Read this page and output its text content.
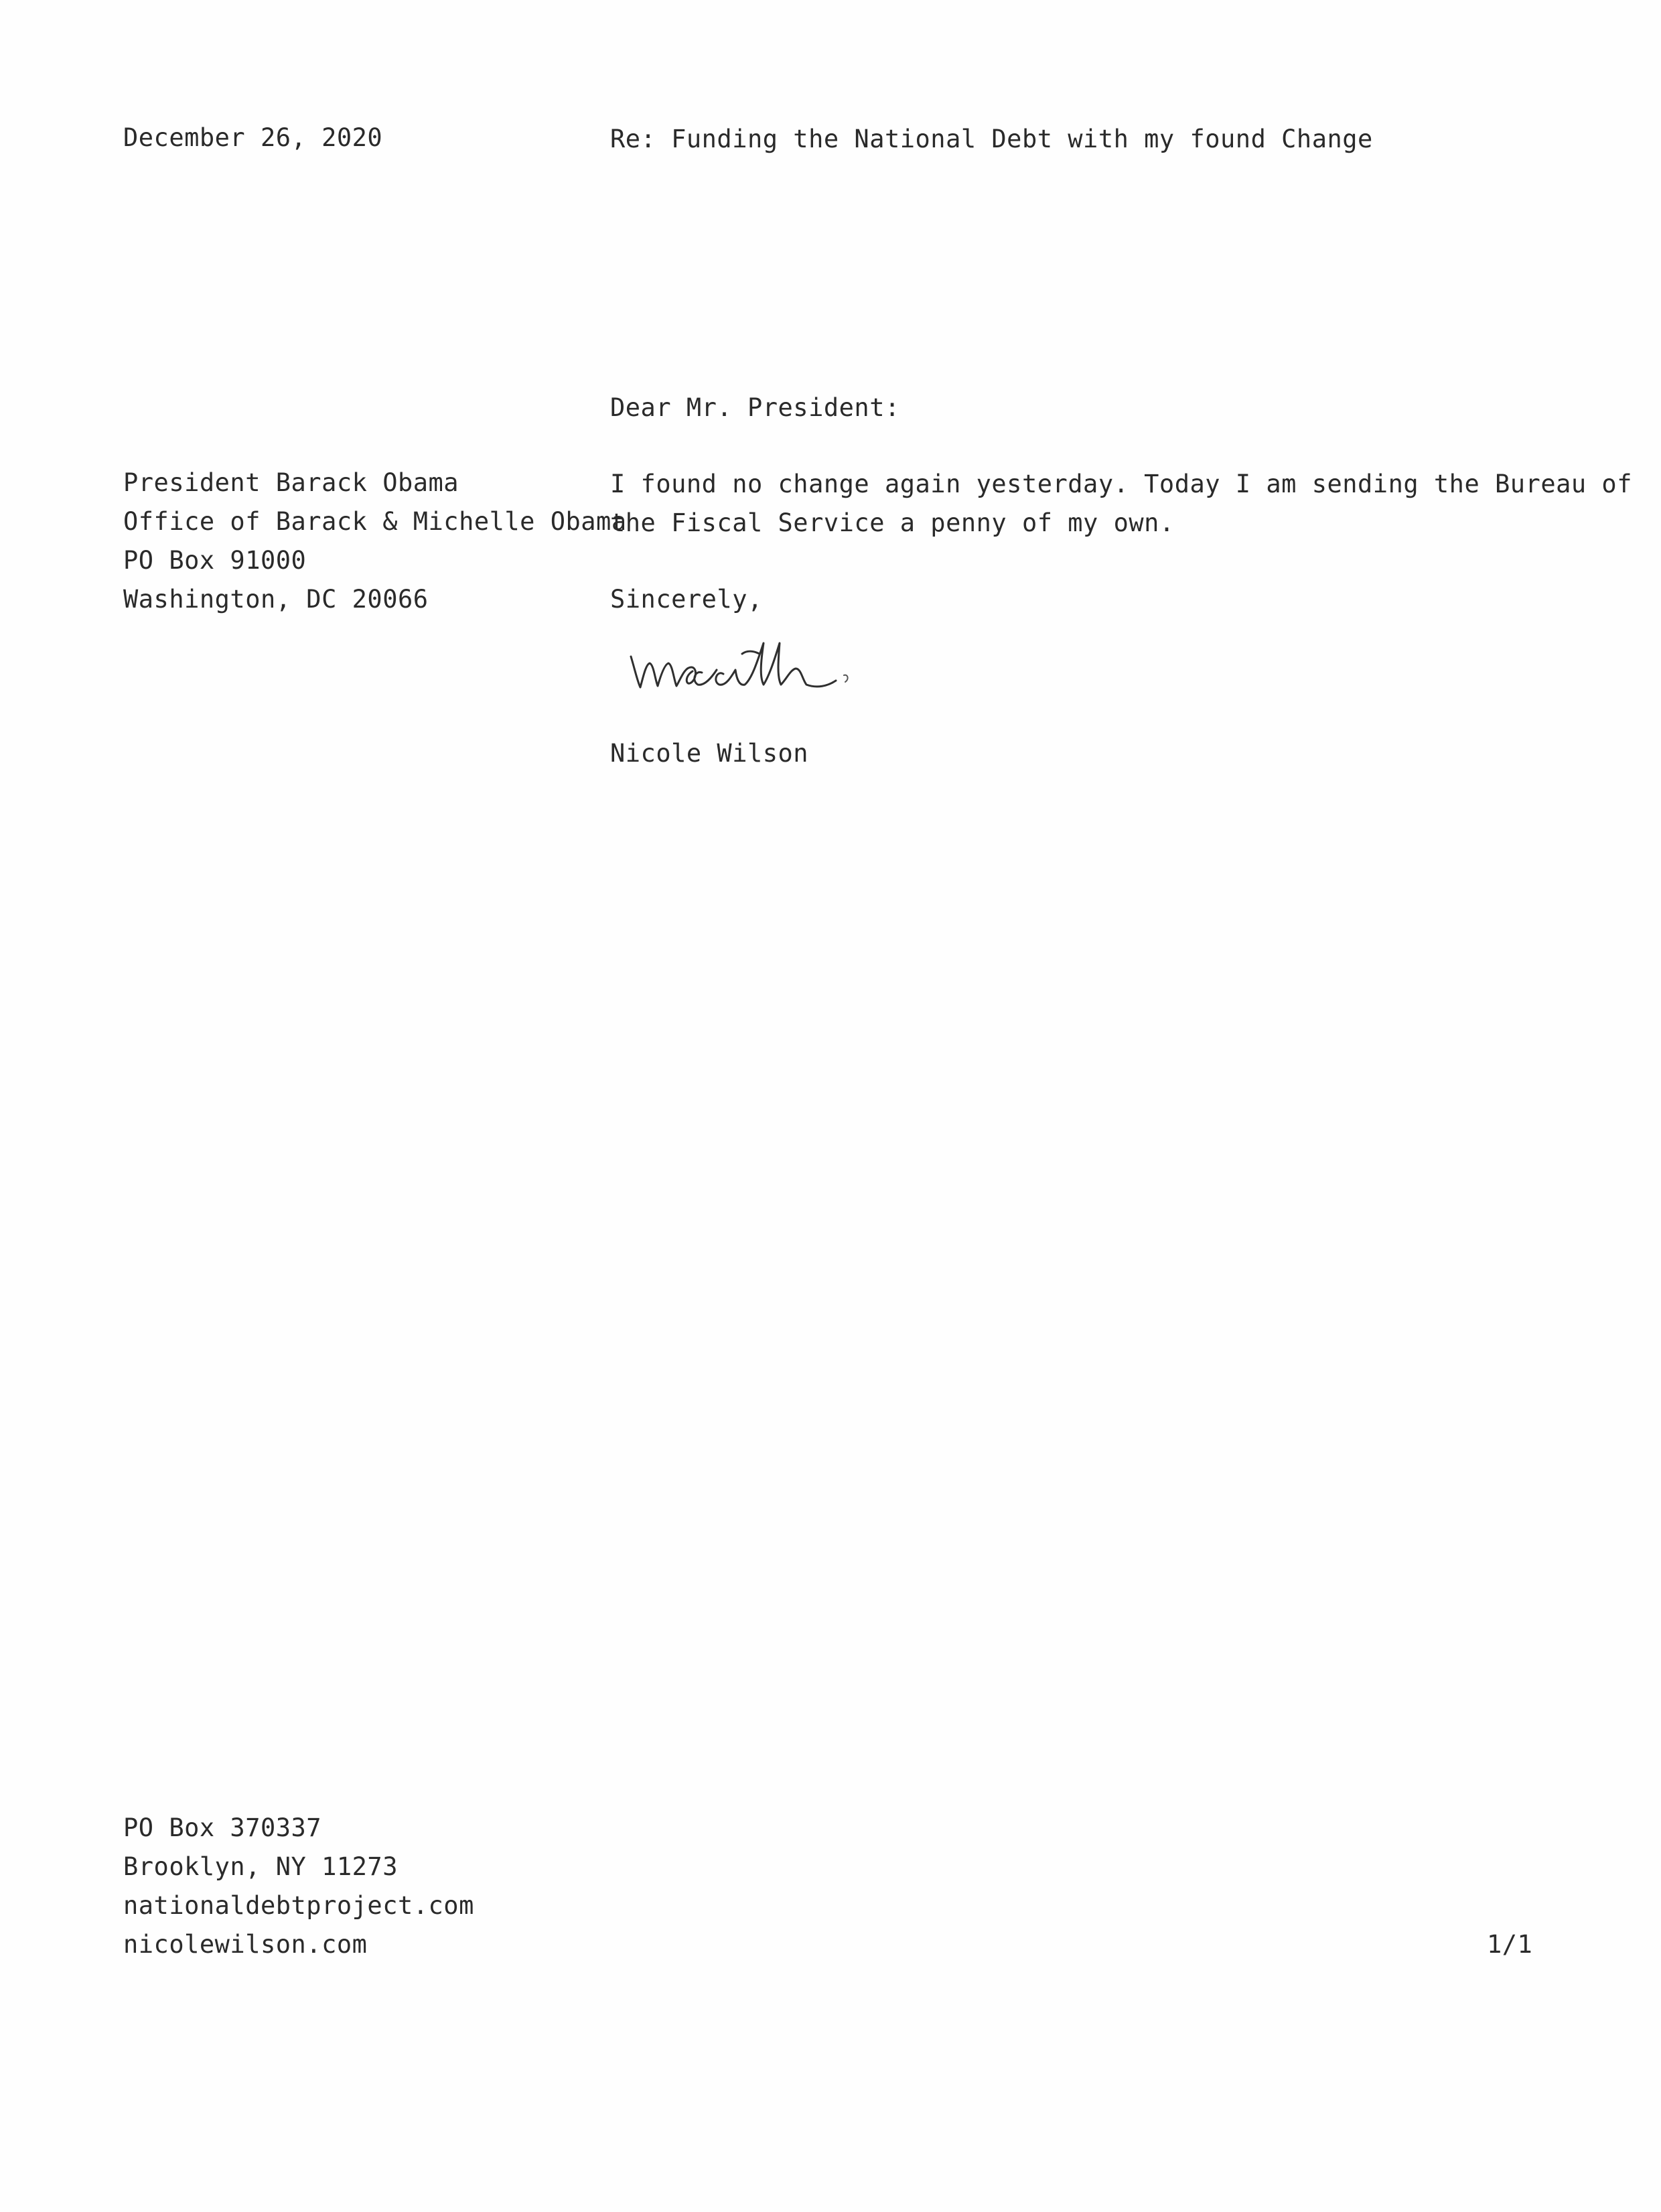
December 26, 2020	Re: Funding the National Debt with my found Change
Dear Mr. President:
President Barack Obama
Office of Barack & Michelle Obama
PO Box 91000
Washington, DC 20066
I found no change again yesterday. Today I am sending the Bureau of
the Fiscal Service a penny of my own.
Sincerely,
Nicole Wilson
PO Box 370337
Brooklyn, NY 11273
nationaldebtproject.com
nicolewilson.com	1/1
